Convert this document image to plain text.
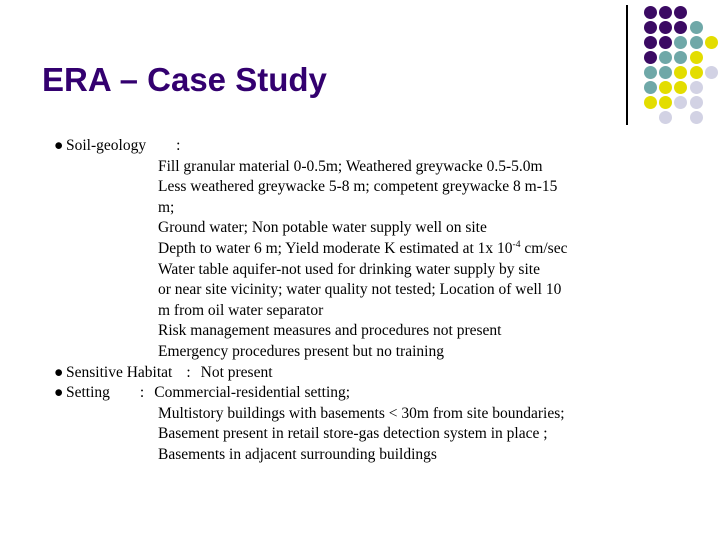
ERA – Case Study
● Soil-geology :
Fill granular material 0-0.5m; Weathered greywacke 0.5-5.0m
Less weathered greywacke 5-8 m; competent greywacke 8 m-15
m;
Ground water; Non potable water supply well on site
Depth to water 6 m; Yield moderate K estimated at 1x $10^{-4}$ cm/sec
Water table aquifer-not used for drinking water supply by site
or near site vicinity; water quality not tested; Location of well 10
m from oil water separator
Risk management measures and procedures not present
Emergency procedures present but no training
● Sensitive Habitat : Not present
● Setting : Commercial-residential setting;
Multistory buildings with basements < 30m from site boundaries;
Basement present in retail store-gas detection system in place ;
Basements in adjacent surrounding buildings
